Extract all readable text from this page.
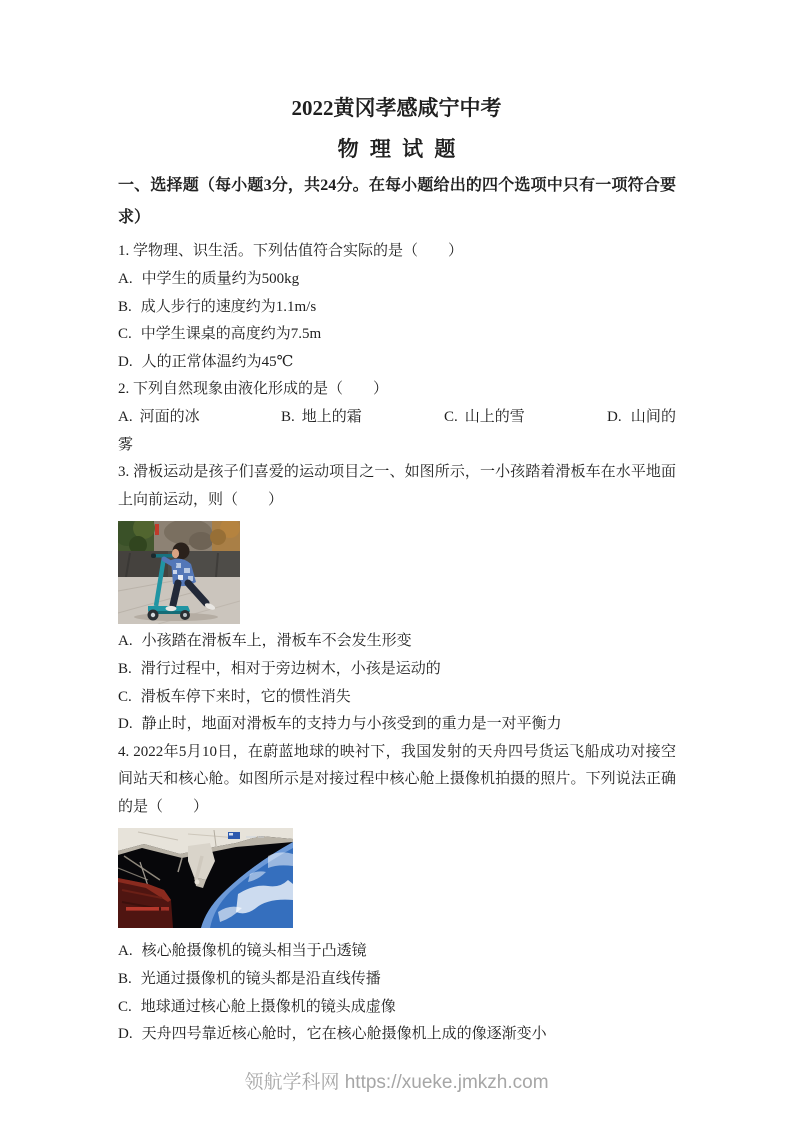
2022黄冈孝感咸宁中考
物 理 试 题
一、选择题（每小题3分，共24分。在每小题给出的四个选项中只有一项符合要求）

1. 学物理、识生活。下列估值符合实际的是（　　）

A. 中学生的质量约为500kg

B. 成人步行的速度约为1.1m/s

C. 中学生课桌的高度约为7.5m

D. 人的正常体温约为45℃

2. 下列自然现象由液化形成的是（　　）

A. 河面的冰	B. 地上的霜	C. 山上的雪	D. 山间的雾

3. 滑板运动是孩子们喜爱的运动项目之一、如图所示，一小孩踏着滑板车在水平地面上向前运动，则（　　）

A. 小孩踏在滑板车上，滑板车不会发生形变

B. 滑行过程中，相对于旁边树木，小孩是运动的

C. 滑板车停下来时，它的惯性消失

D. 静止时，地面对滑板车的支持力与小孩受到的重力是一对平衡力

4. 2022年5月10日，在蔚蓝地球的映衬下，我国发射的天舟四号货运飞船成功对接空间站天和核心舱。如图所示是对接过程中核心舱上摄像机拍摄的照片。下列说法正确的是（　　）

A. 核心舱摄像机的镜头相当于凸透镜

B. 光通过摄像机的镜头都是沿直线传播

C. 地球通过核心舱上摄像机的镜头成虚像

D. 天舟四号靠近核心舱时，它在核心舱摄像机上成的像逐渐变小

领航学科网 https://xueke.jmkzh.com
